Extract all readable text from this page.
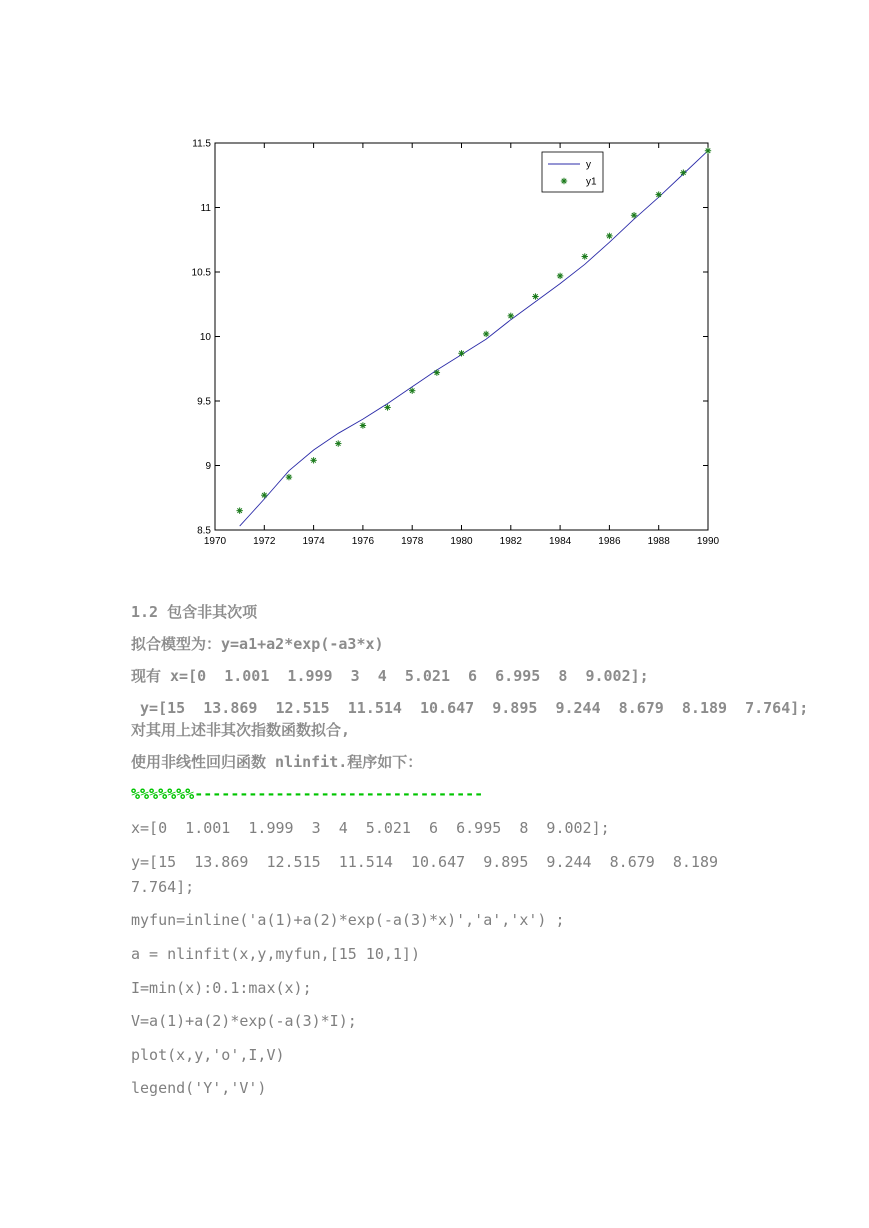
1970	1972	1974	1976	1978	1980	1982	1984	1986	1988	1990
11.5
11
10.5
10
9.5
9
8.5
y
y1
1.2 包含非其次项
拟合模型为：y=a1+a2*exp(-a3*x)
现有 x=[0  1.001  1.999  3  4  5.021  6  6.995  8  9.002];
y=[15  13.869  12.515  11.514  10.647  9.895  9.244  8.679  8.189  7.764];
对其用上述非其次指数函数拟合,
使用非线性回归函数 nlinfit.程序如下：
%%%%%%%--------------------------------
x=[0  1.001  1.999  3  4  5.021  6  6.995  8  9.002];
y=[15  13.869  12.515  11.514  10.647  9.895  9.244  8.679  8.189
7.764];
myfun=inline('a(1)+a(2)*exp(-a(3)*x)','a','x') ;
a = nlinfit(x,y,myfun,[15 10,1])
I=min(x):0.1:max(x);
V=a(1)+a(2)*exp(-a(3)*I);
plot(x,y,'o',I,V)
legend('Y','V')
